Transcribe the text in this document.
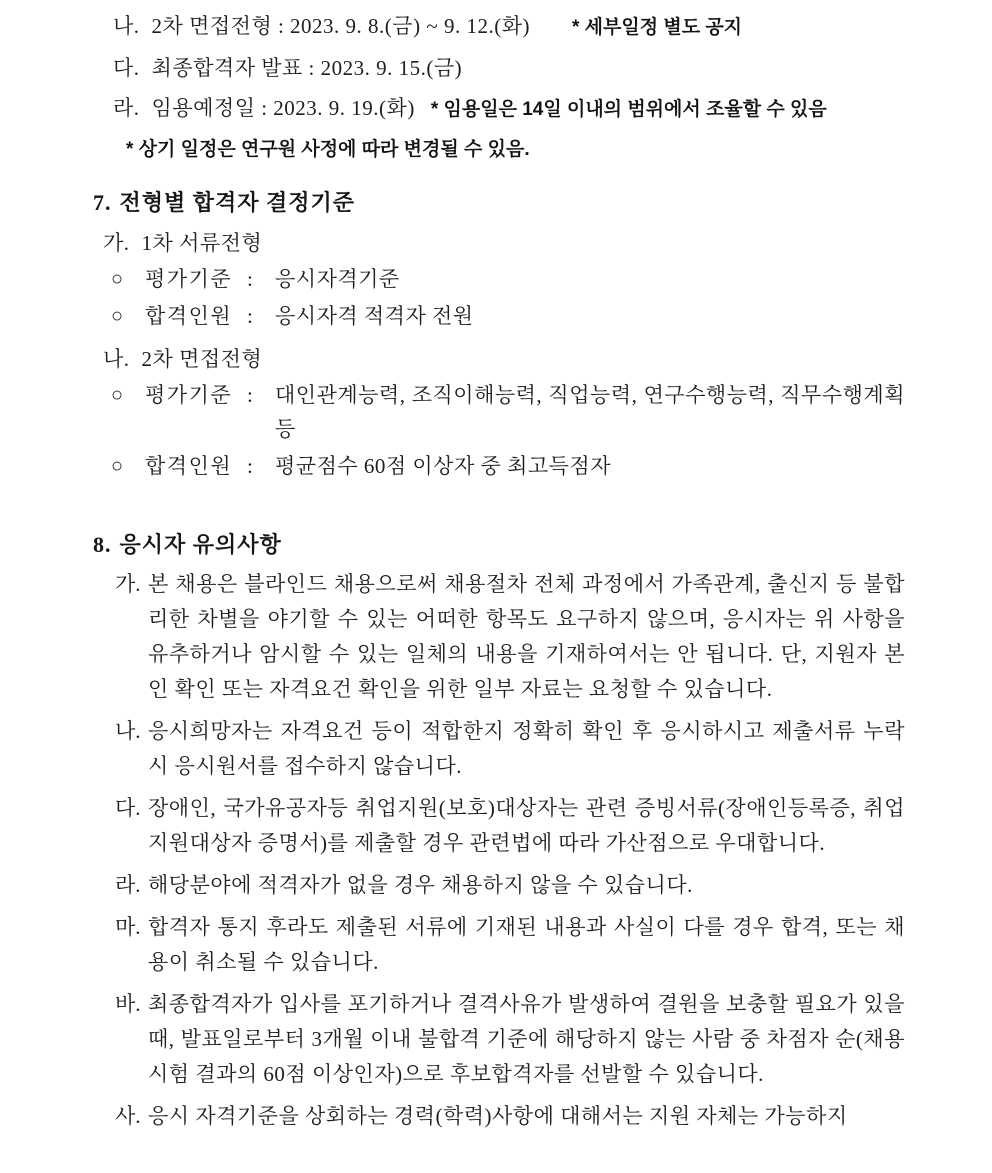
나. 2차 면접전형 : 2023. 9. 8.(금) ~ 9. 12.(화) * 세부일정 별도 공지
다. 최종합격자 발표 : 2023. 9. 15.(금)
라. 임용예정일 : 2023. 9. 19.(화) * 임용일은 14일 이내의 범위에서 조율할 수 있음
* 상기 일정은 연구원 사정에 따라 변경될 수 있음.
7. 전형별 합격자 결정기준
가. 1차 서류전형
○	평가기준 :	응시자격기준
○	합격인원 :	응시자격 적격자 전원
나. 2차 면접전형
○	평가기준 :	대인관계능력, 조직이해능력, 직업능력, 연구수행능력, 직무수행계획 등
○	합격인원 :	평균점수 60점 이상자 중 최고득점자
8. 응시자 유의사항
가. 본 채용은 블라인드 채용으로써 채용절차 전체 과정에서 가족관계, 출신지 등 불합리한 차별을 야기할 수 있는 어떠한 항목도 요구하지 않으며, 응시자는 위 사항을 유추하거나 암시할 수 있는 일체의 내용을 기재하여서는 안 됩니다. 단, 지원자 본인 확인 또는 자격요건 확인을 위한 일부 자료는 요청할 수 있습니다.
나. 응시희망자는 자격요건 등이 적합한지 정확히 확인 후 응시하시고 제출서류 누락 시 응시원서를 접수하지 않습니다.
다. 장애인, 국가유공자등 취업지원(보호)대상자는 관련 증빙서류(장애인등록증, 취업지원대상자 증명서)를 제출할 경우 관련법에 따라 가산점으로 우대합니다.
라. 해당분야에 적격자가 없을 경우 채용하지 않을 수 있습니다.
마. 합격자 통지 후라도 제출된 서류에 기재된 내용과 사실이 다를 경우 합격, 또는 채용이 취소될 수 있습니다.
바. 최종합격자가 입사를 포기하거나 결격사유가 발생하여 결원을 보충할 필요가 있을 때, 발표일로부터 3개월 이내 불합격 기준에 해당하지 않는 사람 중 차점자 순(채용시험 결과의 60점 이상인자)으로 후보합격자를 선발할 수 있습니다.
사. 응시 자격기준을 상회하는 경력(학력)사항에 대해서는 지원 자체는 가능하지
